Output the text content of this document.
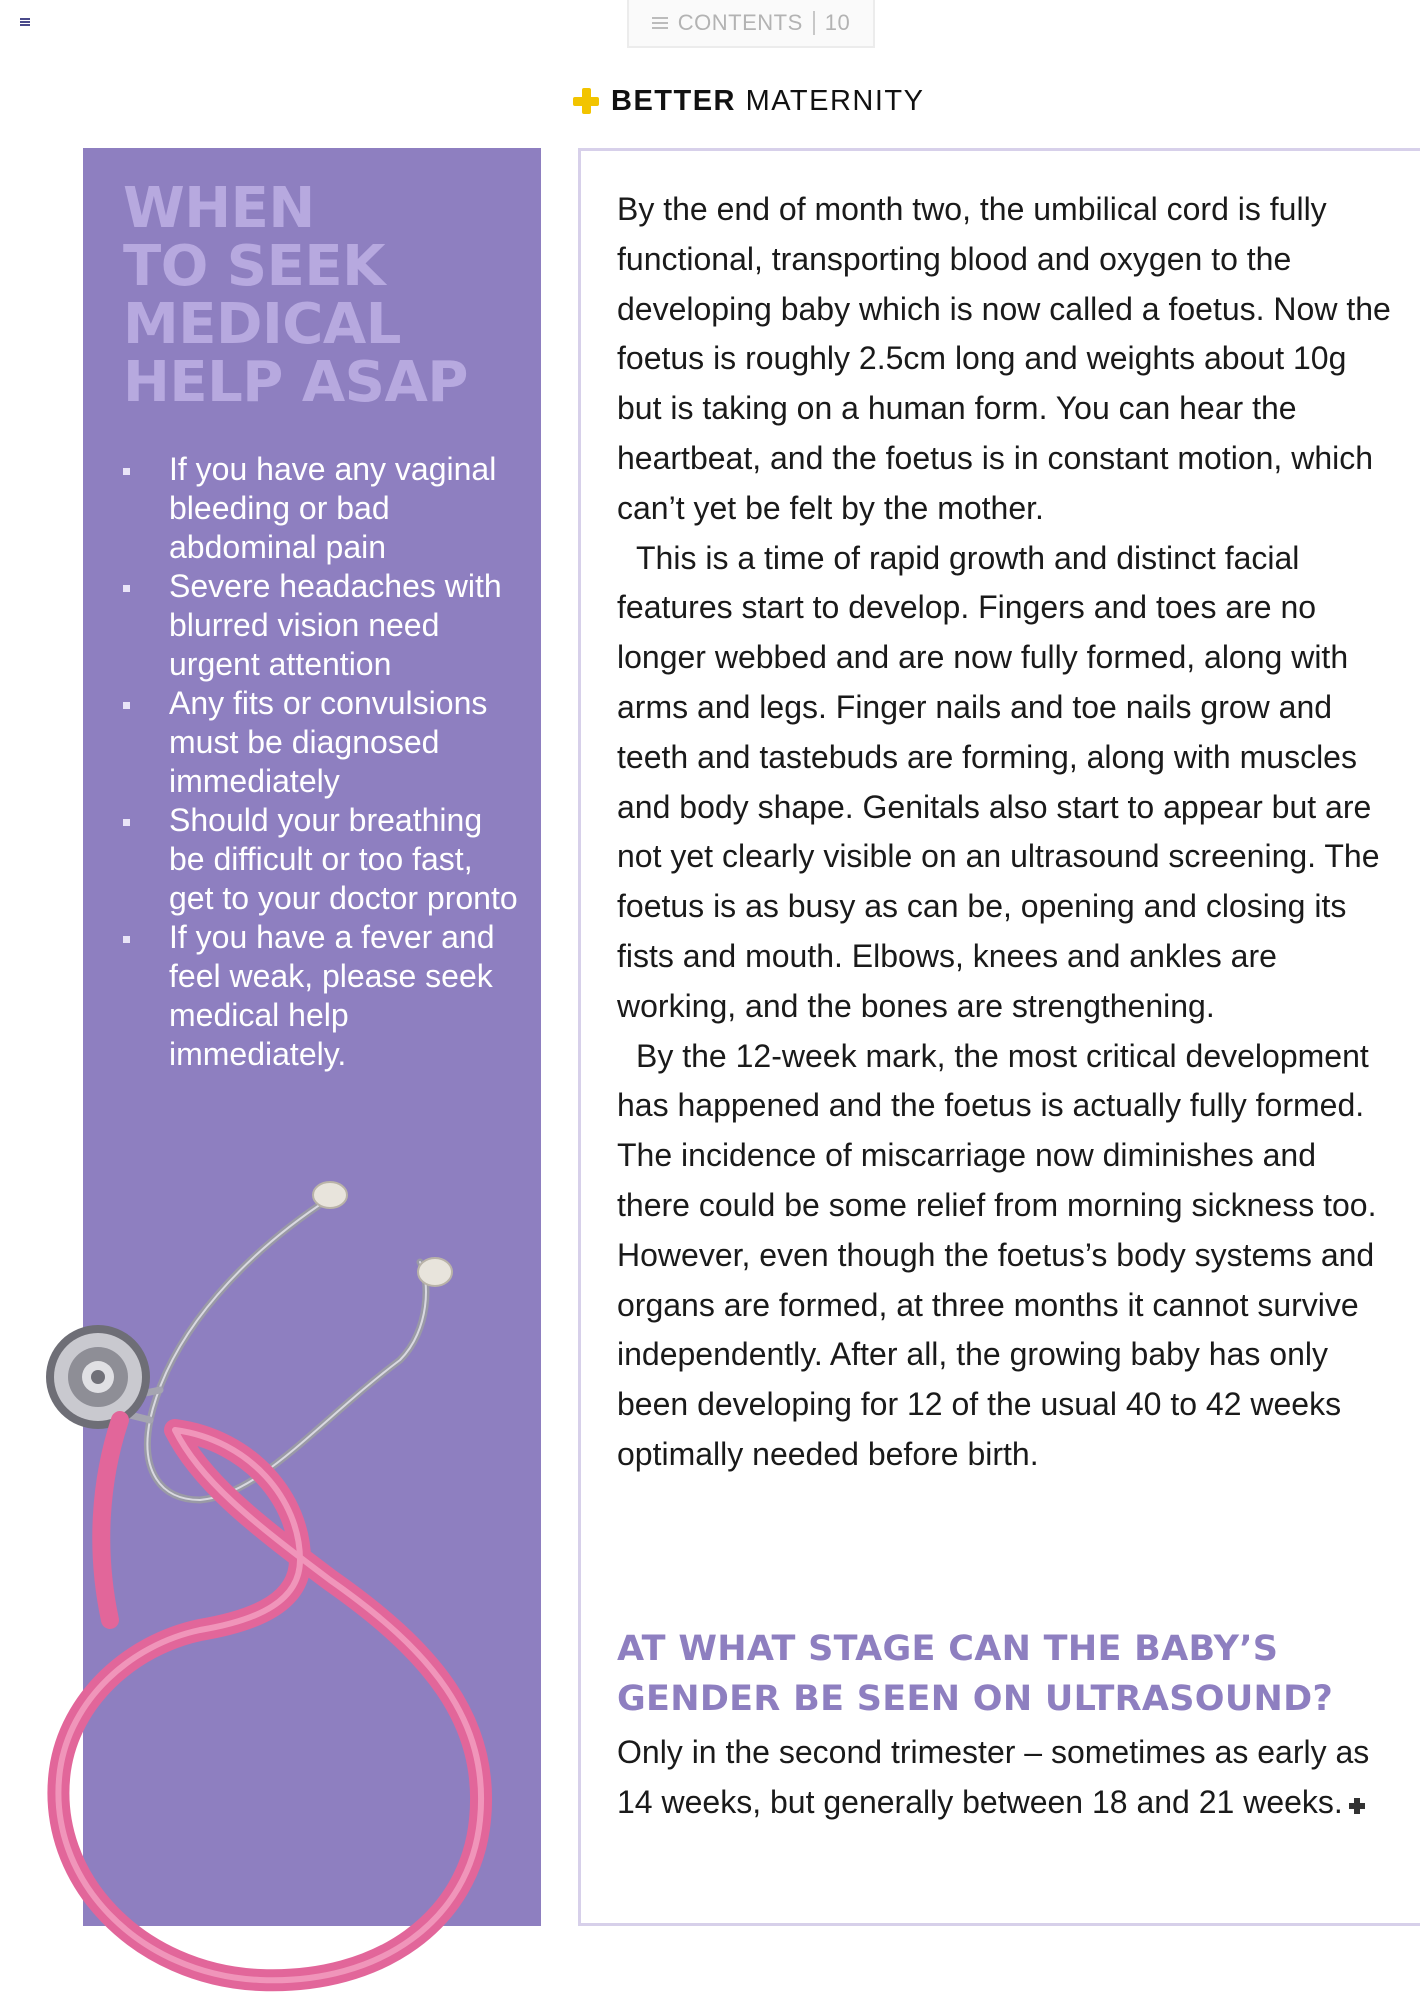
CONTENTS 10
BETTER MATERNITY
WHEN
TO SEEK
MEDICAL
HELP ASAP
If you have any vaginal bleeding or bad abdominal pain
Severe headaches with blurred vision need urgent attention
Any fits or convulsions must be diagnosed immediately
Should your breathing be difficult or too fast, get to your doctor pronto
If you have a fever and feel weak, please seek medical help immediately.

By the end of month two, the umbilical cord is fully functional, transporting blood and oxygen to the developing baby which is now called a foetus. Now the foetus is roughly 2.5cm long and weights about 10g but is taking on a human form. You can hear the heartbeat, and the foetus is in constant motion, which can’t yet be felt by the mother.

This is a time of rapid growth and distinct facial features start to develop. Fingers and toes are no longer webbed and are now fully formed, along with arms and legs. Finger nails and toe nails grow and teeth and tastebuds are forming, along with muscles and body shape. Genitals also start to appear but are not yet clearly visible on an ultrasound screening. The foetus is as busy as can be, opening and closing its fists and mouth. Elbows, knees and ankles are working, and the bones are strengthening.

By the 12-week mark, the most critical development has happened and the foetus is actually fully formed. The incidence of miscarriage now diminishes and there could be some relief from morning sickness too. However, even though the foetus’s body systems and organs are formed, at three months it cannot survive independently. After all, the growing baby has only been developing for 12 of the usual 40 to 42 weeks optimally needed before birth.

AT WHAT STAGE CAN THE BABY’S GENDER BE SEEN ON ULTRASOUND?

Only in the second trimester – sometimes as early as 14 weeks, but generally between 18 and 21 weeks.
